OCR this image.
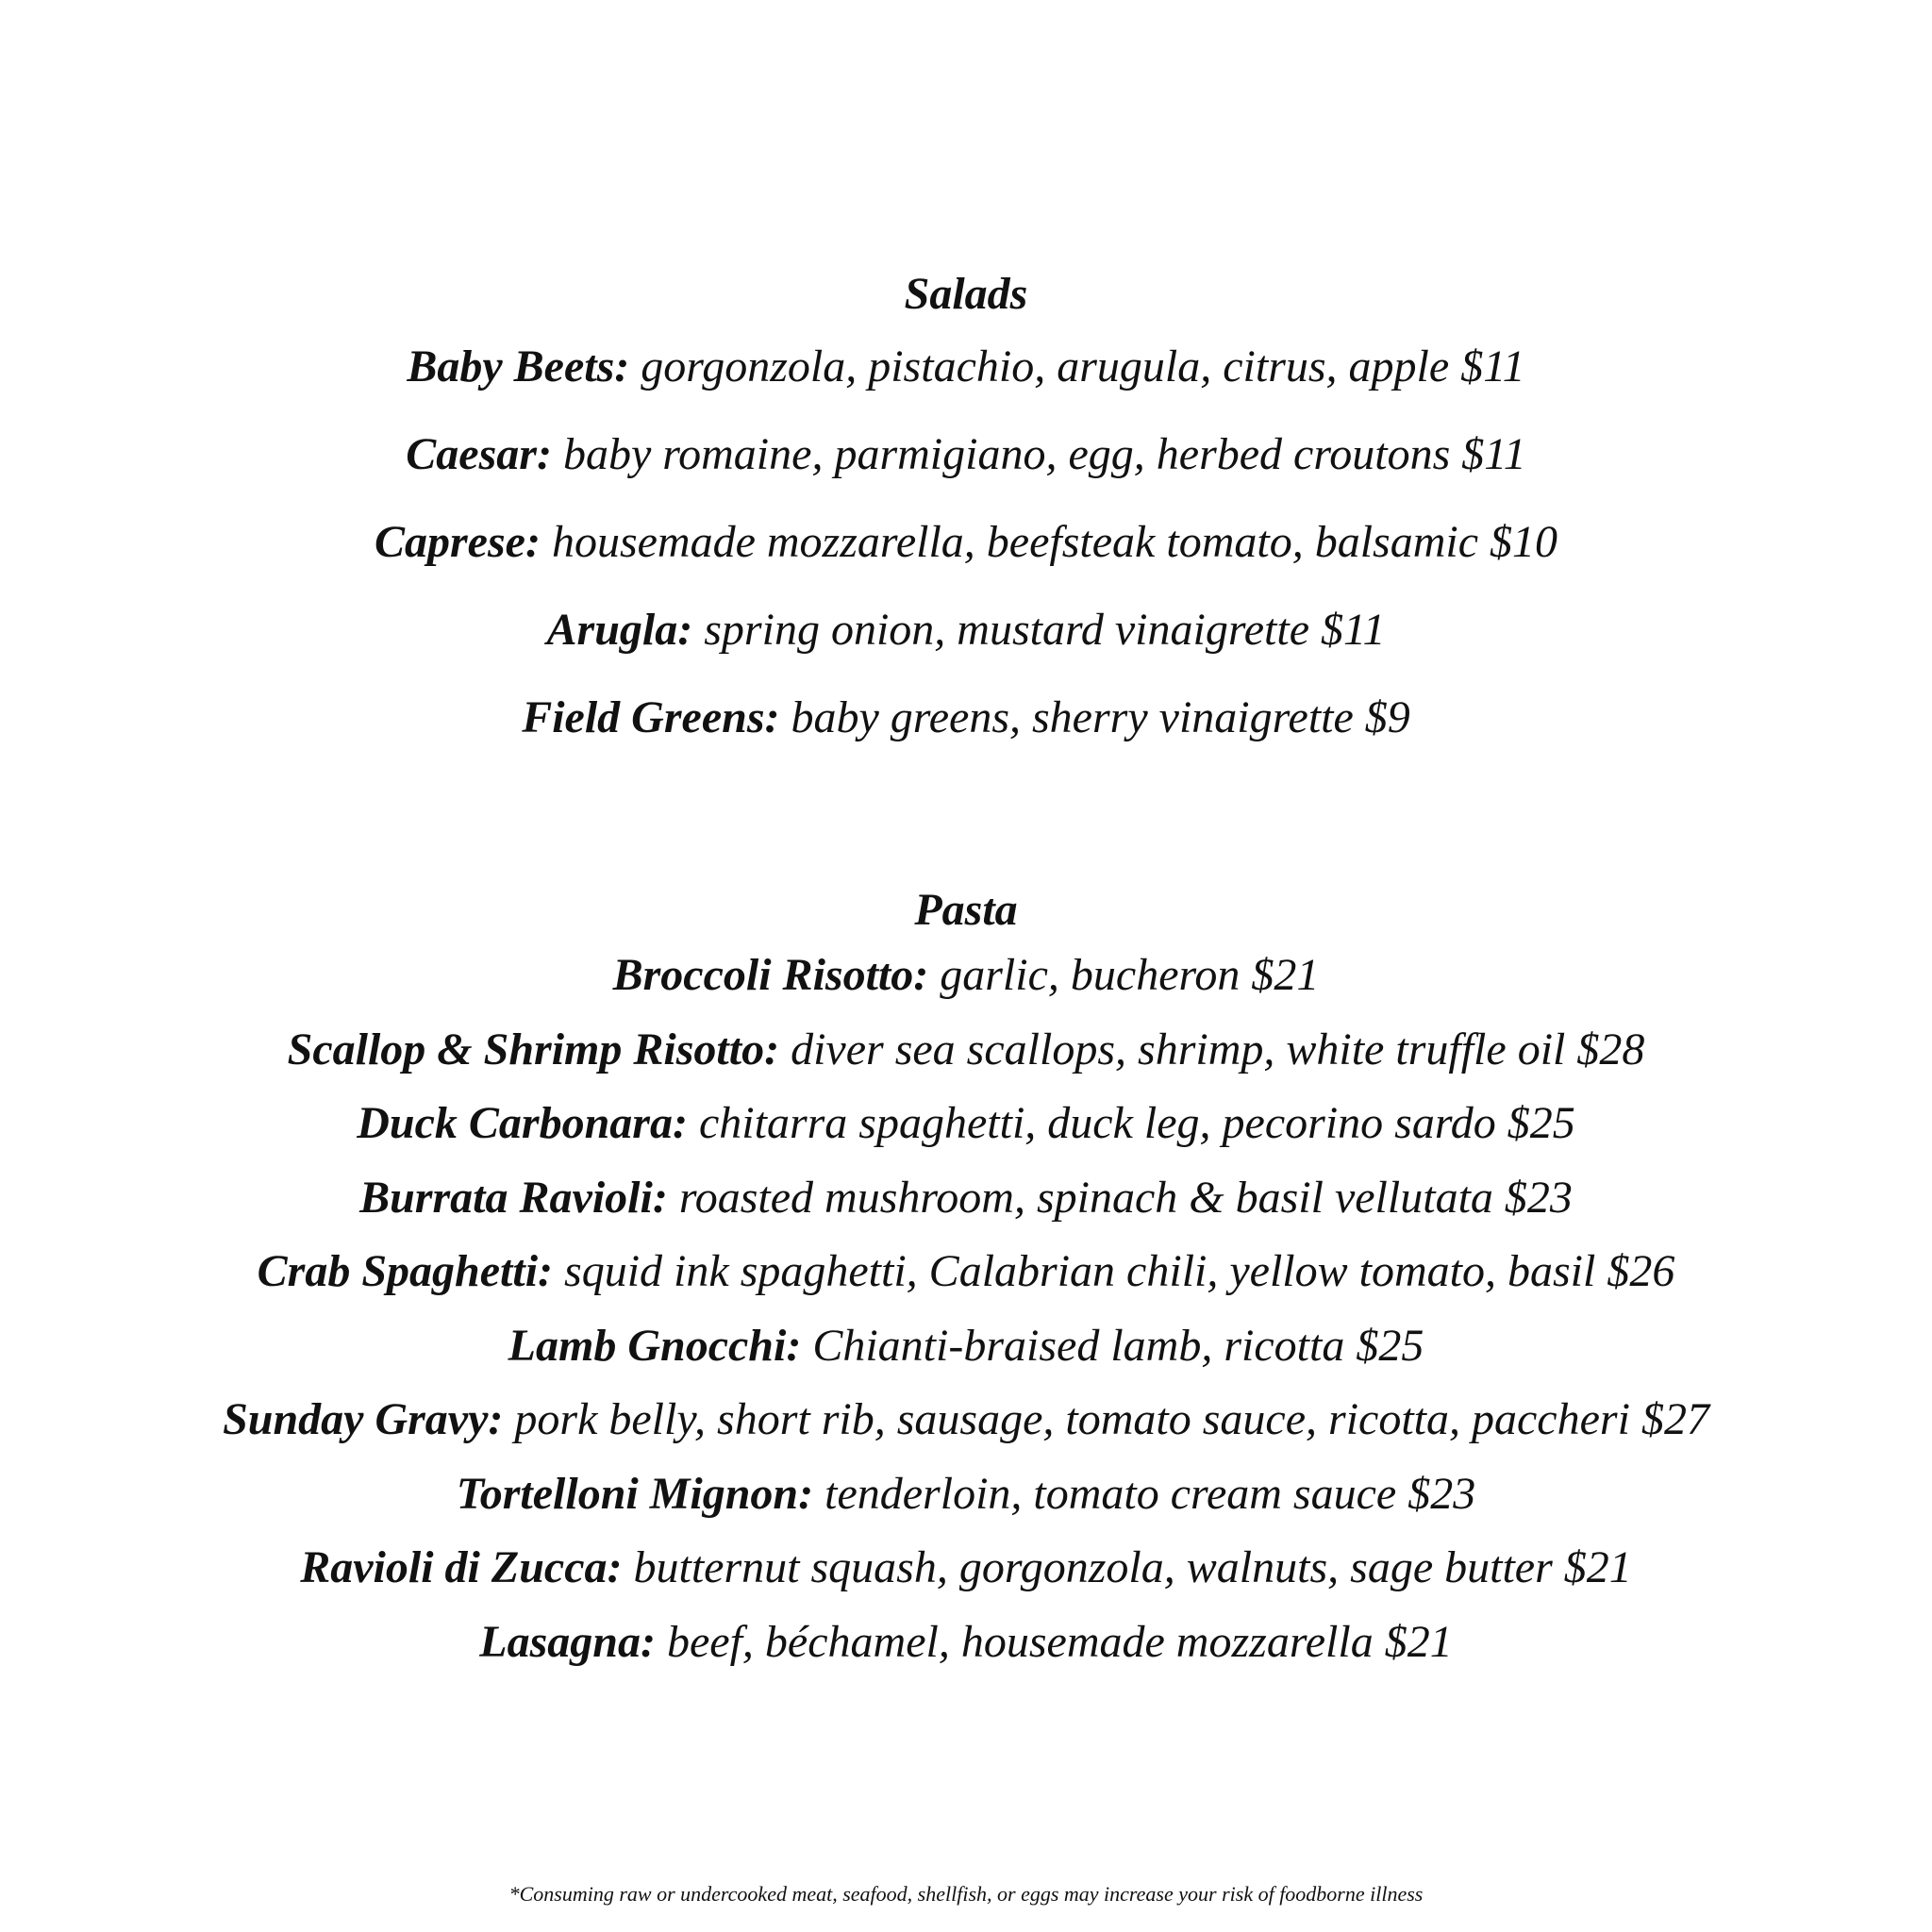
Salads
Baby Beets: gorgonzola, pistachio, arugula, citrus, apple $11
Caesar: baby romaine, parmigiano, egg, herbed croutons $11
Caprese: housemade mozzarella, beefsteak tomato, balsamic $10
Arugla: spring onion, mustard vinaigrette $11
Field Greens: baby greens, sherry vinaigrette $9
Pasta
Broccoli Risotto: garlic, bucheron $21
Scallop & Shrimp Risotto: diver sea scallops, shrimp, white truffle oil $28
Duck Carbonara: chitarra spaghetti, duck leg, pecorino sardo $25
Burrata Ravioli: roasted mushroom, spinach & basil vellutata $23
Crab Spaghetti: squid ink spaghetti, Calabrian chili, yellow tomato, basil $26
Lamb Gnocchi: Chianti-braised lamb, ricotta $25
Sunday Gravy: pork belly, short rib, sausage, tomato sauce, ricotta, paccheri $27
Tortelloni Mignon: tenderloin, tomato cream sauce $23
Ravioli di Zucca: butternut squash, gorgonzola, walnuts, sage butter $21
Lasagna: beef, béchamel, housemade mozzarella $21
*Consuming raw or undercooked meat, seafood, shellfish, or eggs may increase your risk of foodborne illness
